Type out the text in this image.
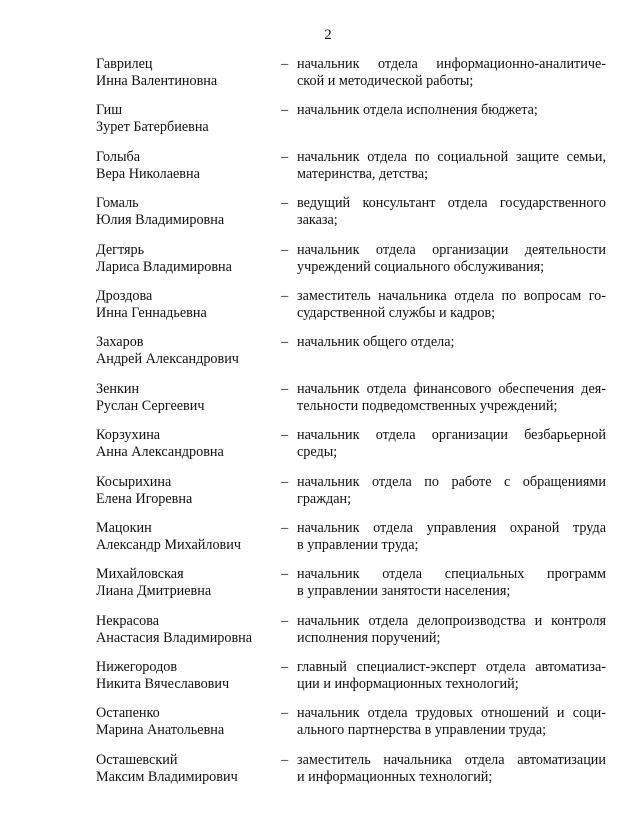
2
Гаврилец
Инна Валентиновна
– начальник отдела информационно-аналитиче-
ской и методической работы;
Гиш
Зурет Батербиевна
– начальник отдела исполнения бюджета;
Голыба
Вера Николаевна
– начальник отдела по социальной защите семьи,
материнства, детства;
Гомаль
Юлия Владимировна
– ведущий консультант отдела государственного
заказа;
Дегтярь
Лариса Владимировна
– начальник отдела организации деятельности
учреждений социального обслуживания;
Дроздова
Инна Геннадьевна
– заместитель начальника отдела по вопросам го-
сударственной службы и кадров;
Захаров
Андрей Александрович
– начальник общего отдела;
Зенкин
Руслан Сергеевич
– начальник отдела финансового обеспечения дея-
тельности подведомственных учреждений;
Корзухина
Анна Александровна
– начальник отдела организации безбарьерной
среды;
Косырихина
Елена Игоревна
– начальник отдела по работе с обращениями
граждан;
Мацокин
Александр Михайлович
– начальник отдела управления охраной труда
в управлении труда;
Михайловская
Лиана Дмитриевна
– начальник отдела специальных программ
в управлении занятости населения;
Некрасова
Анастасия Владимировна
– начальник отдела делопроизводства и контроля
исполнения поручений;
Нижегородов
Никита Вячеславович
– главный специалист-эксперт отдела автоматиза-
ции и информационных технологий;
Остапенко
Марина Анатольевна
– начальник отдела трудовых отношений и соци-
ального партнерства в управлении труда;
Осташевский
Максим Владимирович
– заместитель начальника отдела автоматизации
и информационных технологий;
